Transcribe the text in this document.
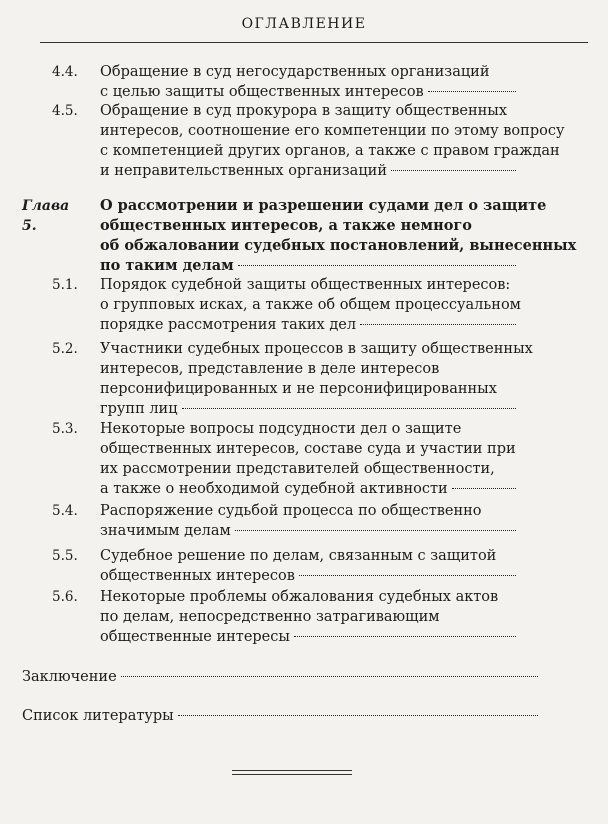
ОГЛАВЛЕНИЕ
4.4. Обращение в суд негосударственных организаций
с целью защиты общественных интересов
4.5. Обращение в суд прокурора в защиту общественных
интересов, соотношение его компетенции по этому вопросу
с компетенцией других органов, а также с правом граждан
и неправительственных организаций
Глава 5.
О рассмотрении и разрешении судами дел о защите
общественных интересов, а также немного
об обжаловании судебных постановлений, вынесенных
по таким делам
5.1. Порядок судебной защиты общественных интересов:
о групповых исках, а также об общем процессуальном
порядке рассмотрения таких дел
5.2. Участники судебных процессов в защиту общественных
интересов, представление в деле интересов
персонифицированных и не персонифицированных
групп лиц
5.3. Некоторые вопросы подсудности дел о защите
общественных интересов, составе суда и участии при
их рассмотрении представителей общественности,
а также о необходимой судебной активности
5.4. Распоряжение судьбой процесса по общественно
значимым делам
5.5. Судебное решение по делам, связанным с защитой
общественных интересов
5.6. Некоторые проблемы обжалования судебных актов
по делам, непосредственно затрагивающим
общественные интересы
Заключение
Список литературы
